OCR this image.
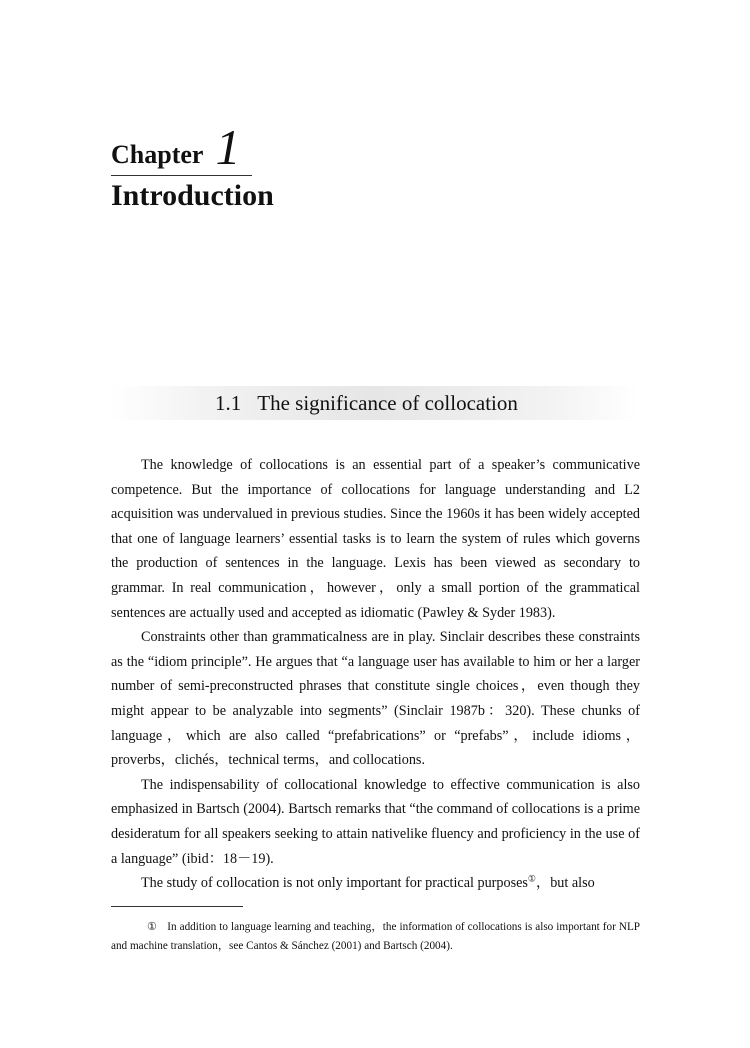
Chapter 1
Introduction
1.1 The significance of collocation

The knowledge of collocations is an essential part of a speaker’s communicative competence. But the importance of collocations for language understanding and L2 acquisition was undervalued in previous studies. Since the 1960s it has been widely accepted that one of language learners’ essential tasks is to learn the system of rules which governs the production of sentences in the language. Lexis has been viewed as secondary to grammar. In real communication，however，only a small portion of the grammatical sentences are actually used and accepted as idiomatic (Pawley & Syder 1983).

Constraints other than grammaticalness are in play. Sinclair describes these constraints as the “idiom principle”. He argues that “a language user has available to him or her a larger number of semi-preconstructed phrases that constitute single choices，even though they might appear to be analyzable into segments” (Sinclair 1987b：320). These chunks of language，which are also called “prefabrications” or “prefabs”，include idioms，proverbs，clichés，technical terms，and collocations.

The indispensability of collocational knowledge to effective communication is also emphasized in Bartsch (2004). Bartsch remarks that “the command of collocations is a prime desideratum for all speakers seeking to attain nativelike fluency and proficiency in the use of a language” (ibid：18－19).

The study of collocation is not only important for practical purposes①，but also

① In addition to language learning and teaching，the information of collocations is also important for NLP and machine translation，see Cantos & Sánchez (2001) and Bartsch (2004).
